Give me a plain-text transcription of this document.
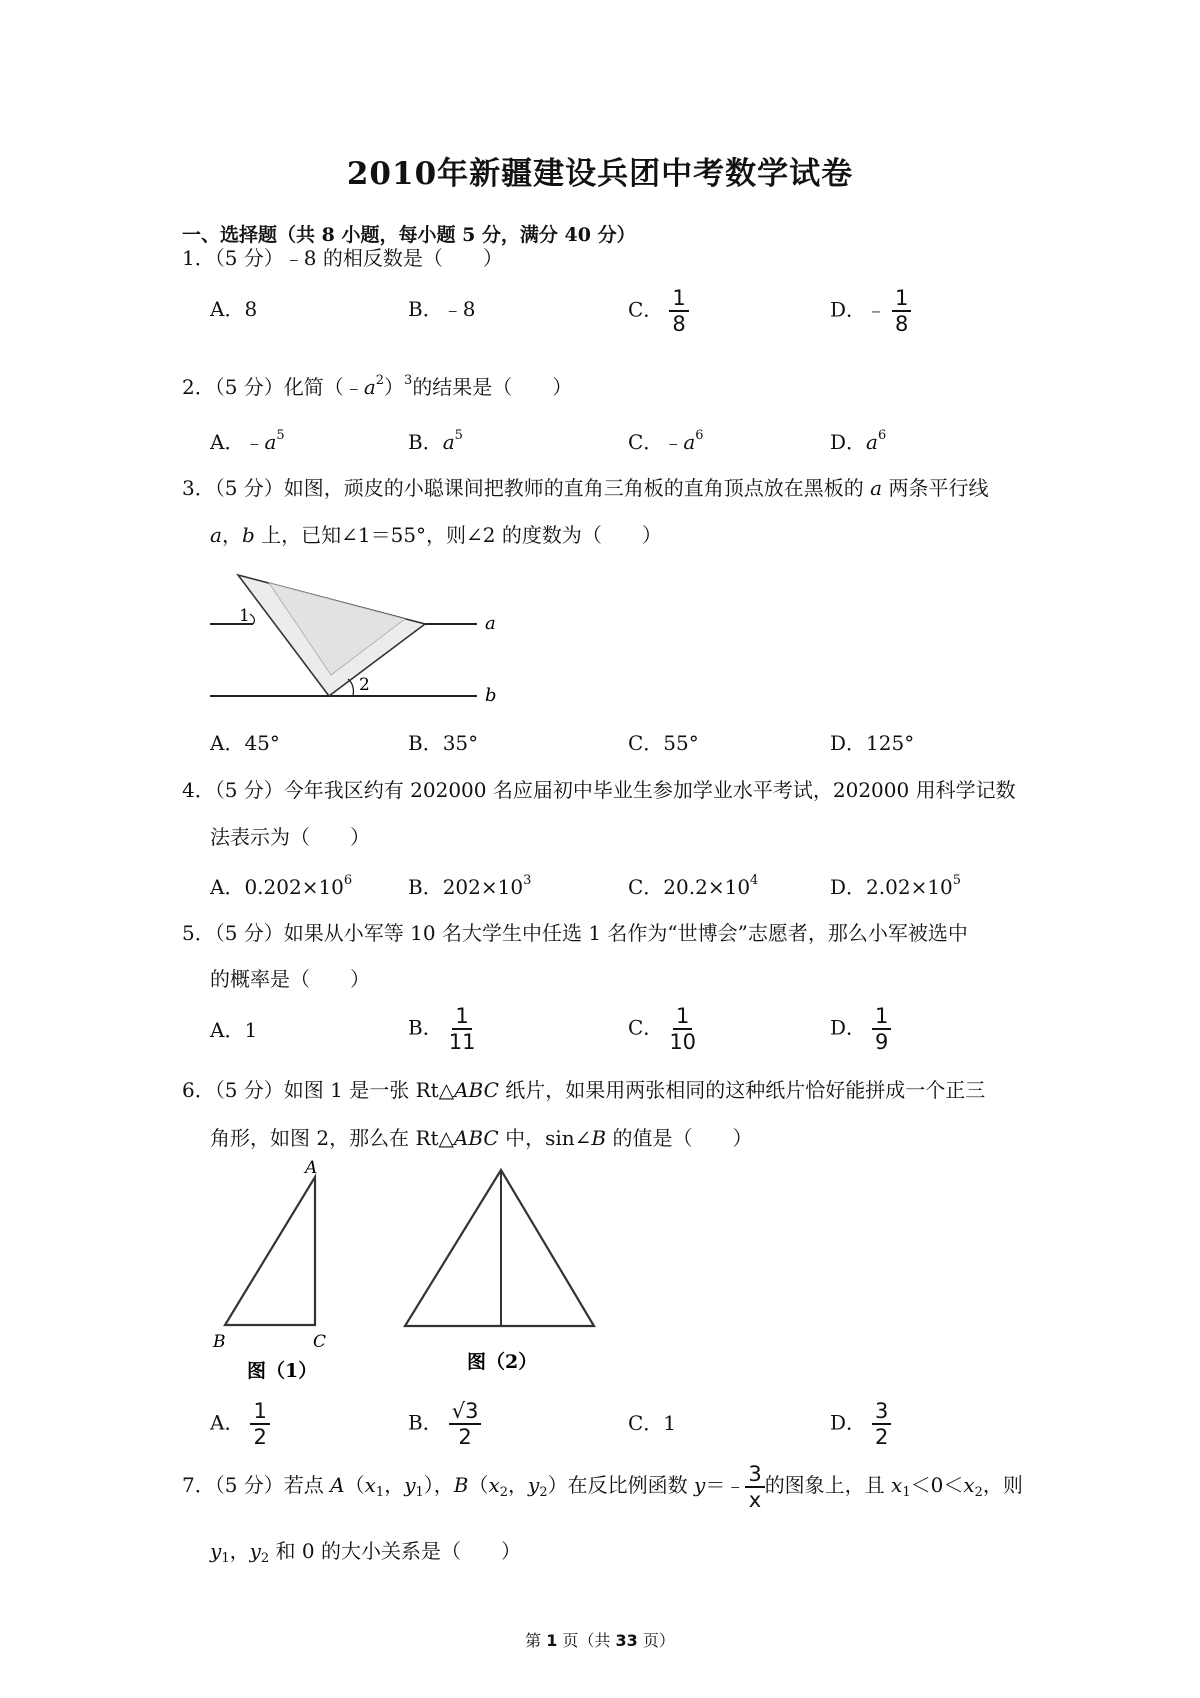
2010年新疆建设兵团中考数学试卷
一、选择题（共 8 小题，每小题 5 分，满分 40 分）
1．（5 分）﹣8 的相反数是（　　）
A．8	B．﹣8	C． $\frac{1}{8}$	D．﹣ $\frac{1}{8}$
2．（5 分）化简$(﹣a^2)^3$的结果是（　　）
A．$﹣a^5$	B．$a^5$	C．$﹣a^6$	D．$a^6$
3．（5 分）如图，顽皮的小聪课间把教师的直角三角板的直角顶点放在黑板的 a 两条平行线
a，b 上，已知∠1＝55°，则∠2 的度数为（　　）
1
2
a
b
A．45°	B．35°	C．55°	D．125°
4．（5 分）今年我区约有 202000 名应届初中毕业生参加学业水平考试，202000 用科学记数
法表示为（　　）
A．$0.202\times 10^6$	B．$202\times 10^3$	C．$20.2\times 10^4$	D．$2.02\times 10^5$
5．（5 分）如果从小军等 10 名大学生中任选 1 名作为“世博会”志愿者，那么小军被选中
的概率是（　　）
A．1	B． $\frac{1}{11}$	C． $\frac{1}{10}$	D． $\frac{1}{9}$
6．（5 分）如图 1 是一张 Rt△ABC 纸片，如果用两张相同的这种纸片恰好能拼成一个正三
角形，如图 2，那么在 Rt△ABC 中，sin∠B 的值是（　　）
A
B	C
图（1）	图（2）
A． $\frac{1}{2}$	B． $\frac{√3}{2}$	C．1	D． $\frac{3}{2}$
7．（5 分）若点 $A(x_1$，$y_1$），$B(x_2$，$y_2$）在反比例函数 y＝﹣ $\frac{3}{x}$ 的图象上，且 $x_1<0<x_2$，则
$y_1$，$y_2$ 和 0 的大小关系是（　　）
第 1 页（共 33 页）
